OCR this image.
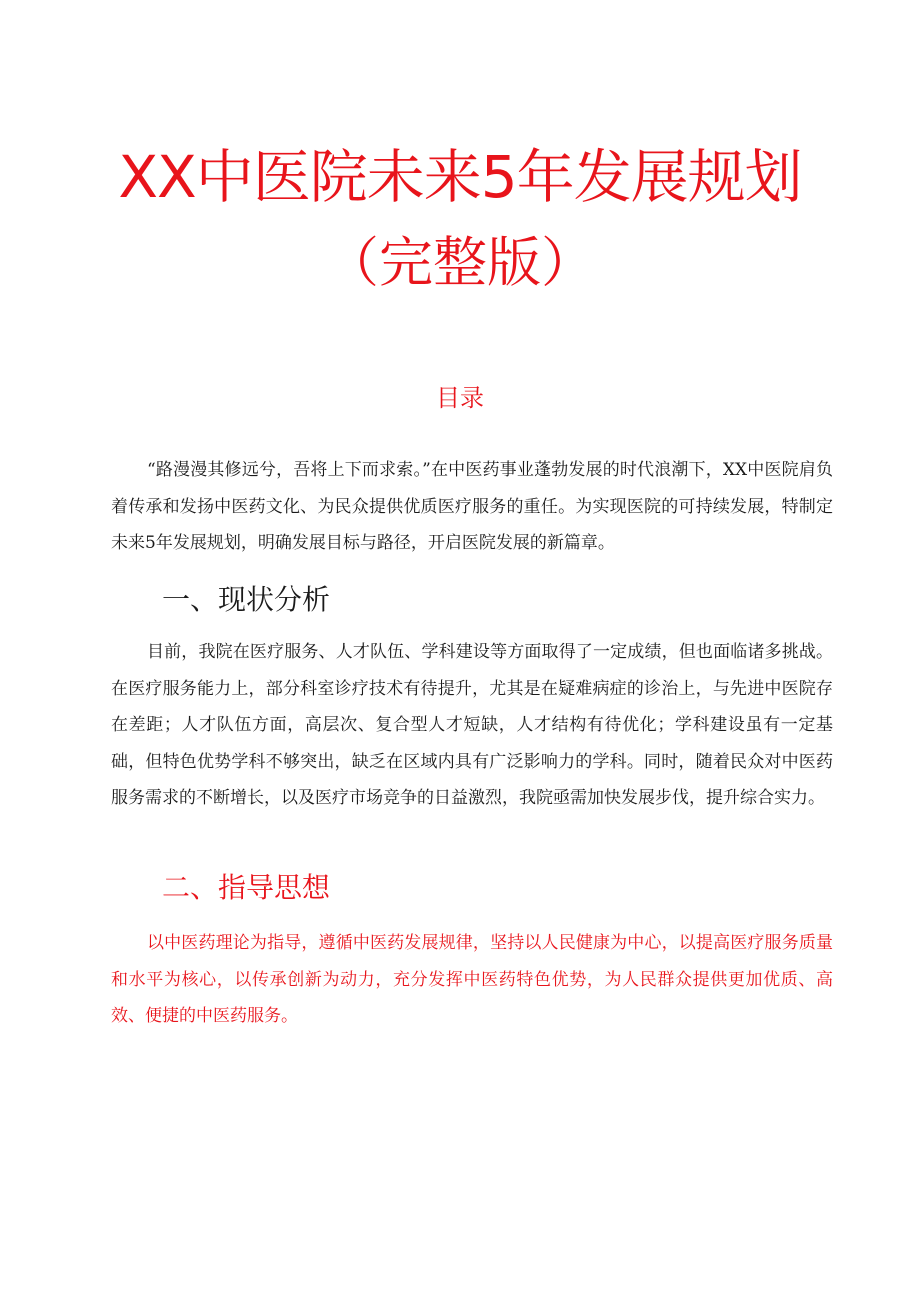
XX中医院未来5年发展规划
（完整版）
目录

“路漫漫其修远兮，吾将上下而求索。”在中医药事业蓬勃发展的时代浪潮下，XX中医院肩负着传承和发扬中医药文化、为民众提供优质医疗服务的重任。为实现医院的可持续发展，特制定未来5年发展规划，明确发展目标与路径，开启医院发展的新篇章。

一、现状分析

目前，我院在医疗服务、人才队伍、学科建设等方面取得了一定成绩，但也面临诸多挑战。在医疗服务能力上，部分科室诊疗技术有待提升，尤其是在疑难病症的诊治上，与先进中医院存在差距；人才队伍方面，高层次、复合型人才短缺，人才结构有待优化；学科建设虽有一定基础，但特色优势学科不够突出，缺乏在区域内具有广泛影响力的学科。同时，随着民众对中医药服务需求的不断增长，以及医疗市场竞争的日益激烈，我院亟需加快发展步伐，提升综合实力。

二、指导思想

以中医药理论为指导，遵循中医药发展规律，坚持以人民健康为中心，以提高医疗服务质量和水平为核心，以传承创新为动力，充分发挥中医药特色优势，为人民群众提供更加优质、高效、便捷的中医药服务。
